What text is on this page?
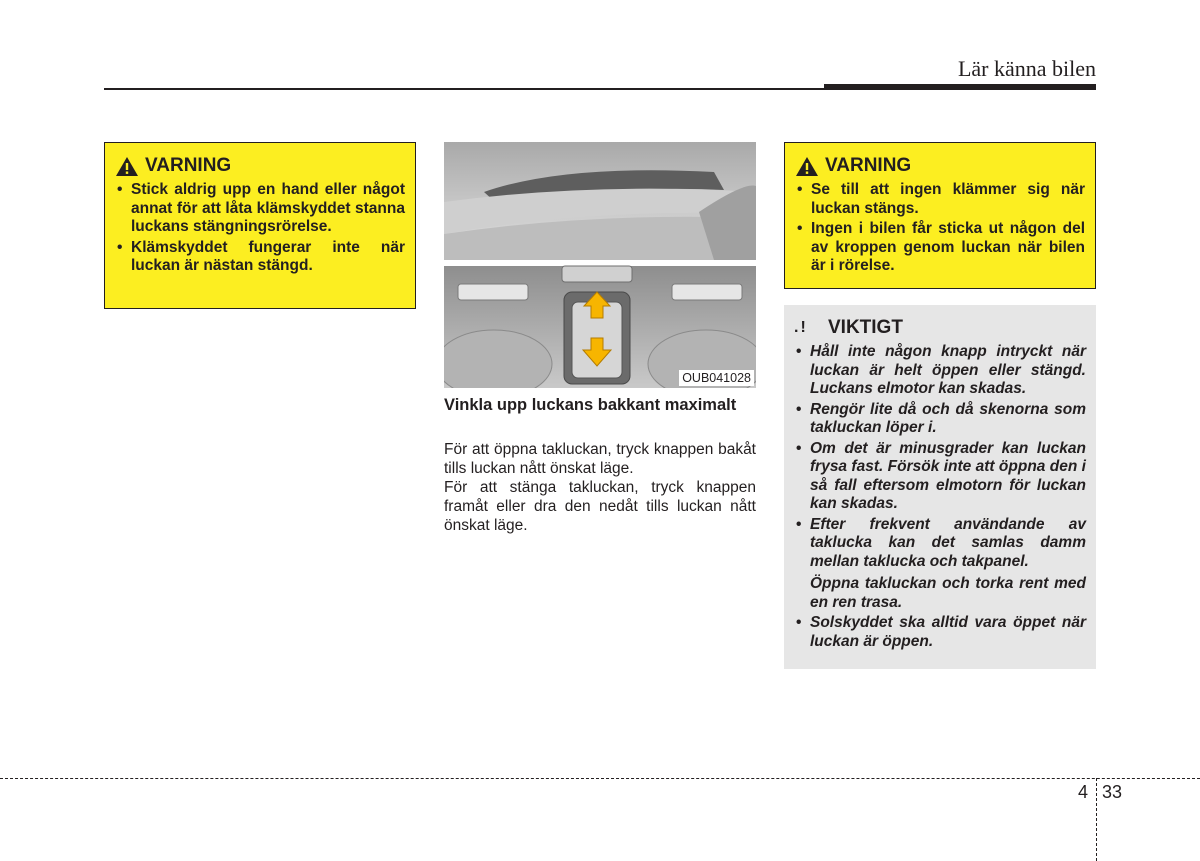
Lär känna bilen
VARNING
• Stick aldrig upp en hand eller något annat för att låta klämskyddet stanna luckans stängningsrörelse.
• Klämskyddet fungerar inte när luckan är nästan stängd.
OUB041028
Vinkla upp luckans bakkant maximalt

För att öppna takluckan, tryck knappen bakåt tills luckan nått önskat läge.

För att stänga takluckan, tryck knappen framåt eller dra den nedåt tills luckan nått önskat läge.

VARNING
• Se till att ingen klämmer sig när luckan stängs.
• Ingen i bilen får sticka ut någon del av kroppen genom luckan när bilen är i rörelse.
.!	VIKTIGT
• Håll inte någon knapp intryckt när luckan är helt öppen eller stängd. Luckans elmotor kan skadas.
• Rengör lite då och då skenorna som takluckan löper i.
• Om det är minusgrader kan luckan frysa fast. Försök inte att öppna den i så fall eftersom elmotorn för luckan kan skadas.
• Efter frekvent användande av taklucka kan det samlas damm mellan taklucka och takpanel.
Öppna takluckan och torka rent med en ren trasa.
• Solskyddet ska alltid vara öppet när luckan är öppen.
4 33
